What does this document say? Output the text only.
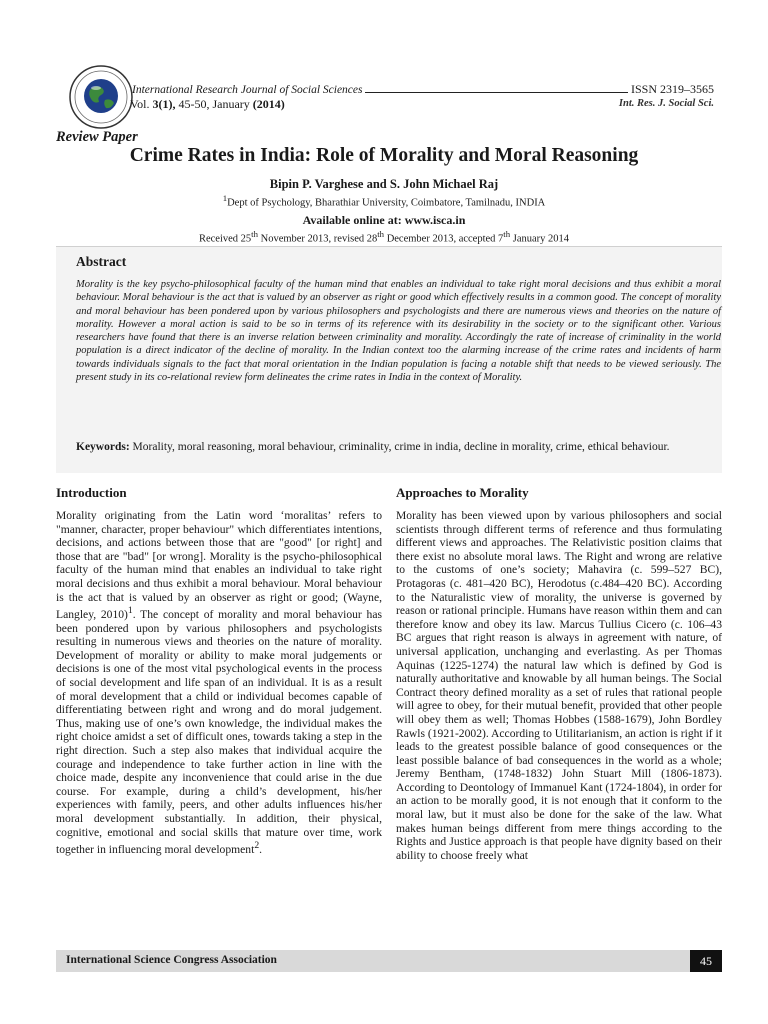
International Research Journal of Social Sciences	ISSN 2319–3565
Vol. 3(1), 45-50, January (2014)	Int. Res. J. Social Sci.
Review Paper
Crime Rates in India: Role of Morality and Moral Reasoning
Bipin P. Varghese and S. John Michael Raj
$^1$Dept of Psychology, Bharathiar University, Coimbatore, Tamilnadu, INDIA
Available online at: www.isca.in
Received 25th November 2013, revised 28th December 2013, accepted 7th January 2014
Abstract
Morality is the key psycho-philosophical faculty of the human mind that enables an individual to take right moral decisions and thus exhibit a moral behaviour. Moral behaviour is the act that is valued by an observer as right or good which effectively results in a common good. The concept of morality and moral behaviour has been pondered upon by various philosophers and psychologists and there are numerous views and theories on the nature of morality. However a moral action is said to be so in terms of its reference with its desirability in the society or to the significant other. Various researchers have found that there is an inverse relation between criminality and morality. Accordingly the rate of increase of criminality in the world population is a direct indicator of the decline of morality. In the Indian context too the alarming increase of the crime rates and incidents of harm towards individuals signals to the fact that moral orientation in the Indian population is facing a notable shift that needs to be viewed seriously. The present study in its co-relational review form delineates the crime rates in India in the context of Morality.
Keywords: Morality, moral reasoning, moral behaviour, criminality, crime in india, decline in morality, crime, ethical behaviour.
Introduction
Morality originating from the Latin word ‘moralitas’ refers to "manner, character, proper behaviour" which differentiates intentions, decisions, and actions between those that are "good" [or right] and those that are "bad" [or wrong]. Morality is the psycho-philosophical faculty of the human mind that enables an individual to take right moral decisions and thus exhibit a moral behaviour. Moral behaviour is the act that is valued by an observer as right or good; (Wayne, Langley, 2010)$^1$. The concept of morality and moral behaviour has been pondered upon by various philosophers and psychologists resulting in numerous views and theories on the nature of morality. Development of morality or ability to make moral judgements or decisions is one of the most vital psychological events in the process of social development and life span of an individual. It is as a result of moral development that a child or individual becomes capable of differentiating between right and wrong and do moral judgement. Thus, making use of one’s own knowledge, the individual makes the right choice amidst a set of difficult ones, towards taking a step in the right direction. Such a step also makes that individual acquire the courage and independence to take further action in line with the choice made, despite any inconvenience that could arise in the due course. For example, during a child’s development, his/her experiences with family, peers, and other adults influences his/her moral development substantially. In addition, their physical, cognitive, emotional and social skills that mature over time, work together in influencing moral development$^2$.
Approaches to Morality
Morality has been viewed upon by various philosophers and social scientists through different terms of reference and thus formulating different views and approaches. The Relativistic position claims that there exist no absolute moral laws. The Right and wrong are relative to the customs of one’s society; Mahavira (c. 599–527 BC), Protagoras (c. 481–420 BC), Herodotus (c.484–420 BC). According to the Naturalistic view of morality, the universe is governed by reason or rational principle. Humans have reason within them and can therefore know and obey its law. Marcus Tullius Cicero (c. 106–43 BC argues that right reason is always in agreement with nature, of universal application, unchanging and everlasting. As per Thomas Aquinas (1225-1274) the natural law which is defined by God is naturally authoritative and knowable by all human beings. The Social Contract theory defined morality as a set of rules that rational people will agree to obey, for their mutual benefit, provided that other people will obey them as well; Thomas Hobbes (1588-1679), John Bordley Rawls (1921-2002). According to Utilitarianism, an action is right if it leads to the greatest possible balance of good consequences or the least possible balance of bad consequences in the world as a whole; Jeremy Bentham, (1748-1832) John Stuart Mill (1806-1873). According to Deontology of Immanuel Kant (1724-1804), in order for an action to be morally good, it is not enough that it conform to the moral law, but it must also be done for the sake of the law. What makes human beings different from mere things according to the Rights and Justice approach is that people have dignity based on their ability to choose freely what
International Science Congress Association	45
